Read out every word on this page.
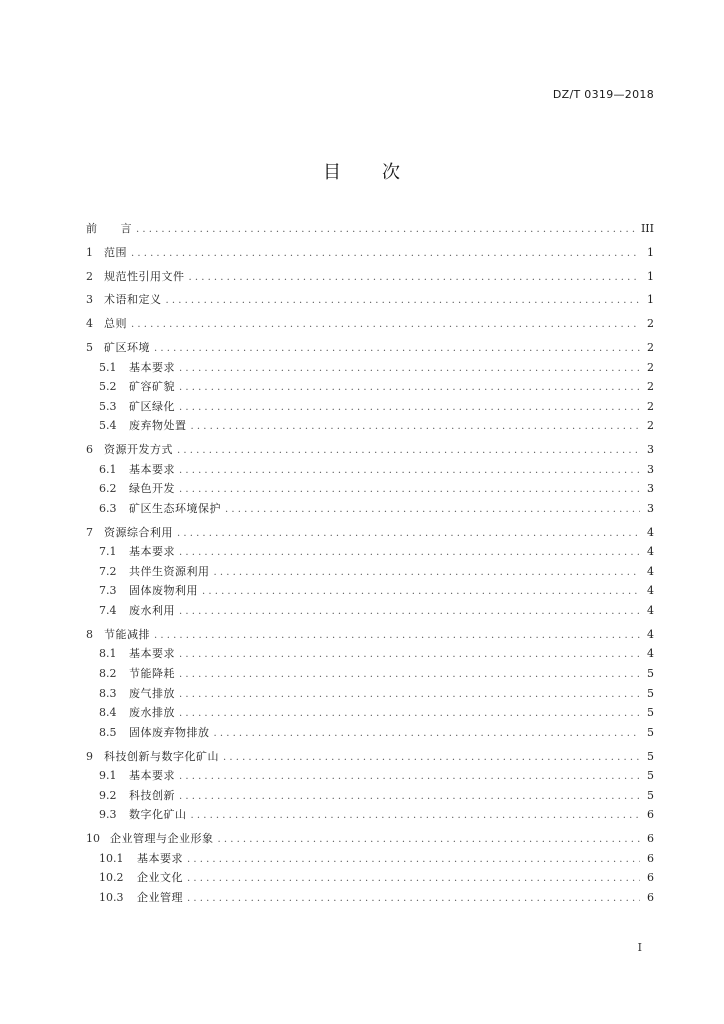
DZ/T 0319—2018
目 次
前　　言 . . .	III
1 范围 . . .	1
2 规范性引用文件 . . .	1
3 术语和定义 . . .	1
4 总则 . . .	2
5 矿区环境 . . .	2
5.1	基本要求 . . .	2
5.2	矿容矿貌 . . .	2
5.3	矿区绿化 . . .	2
5.4	废弃物处置 . . .	2
6 资源开发方式 . . .	3
6.1	基本要求 . . .	3
6.2	绿色开发 . . .	3
6.3	矿区生态环境保护 . . .	3
7 资源综合利用 . . .	4
7.1	基本要求 . . .	4
7.2	共伴生资源利用 . . .	4
7.3	固体废物利用 . . .	4
7.4	废水利用 . . .	4
8 节能减排 . . .	4
8.1	基本要求 . . .	4
8.2	节能降耗 . . .	5
8.3	废气排放 . . .	5
8.4	废水排放 . . .	5
8.5	固体废弃物排放 . . .	5
9 科技创新与数字化矿山 . . .	5
9.1	基本要求 . . .	5
9.2	科技创新 . . .	5
9.3	数字化矿山 . . .	6
10 企业管理与企业形象 . . .	6
10.1	基本要求 . . .	6
10.2	企业文化 . . .	6
10.3	企业管理 . . .	6
I
